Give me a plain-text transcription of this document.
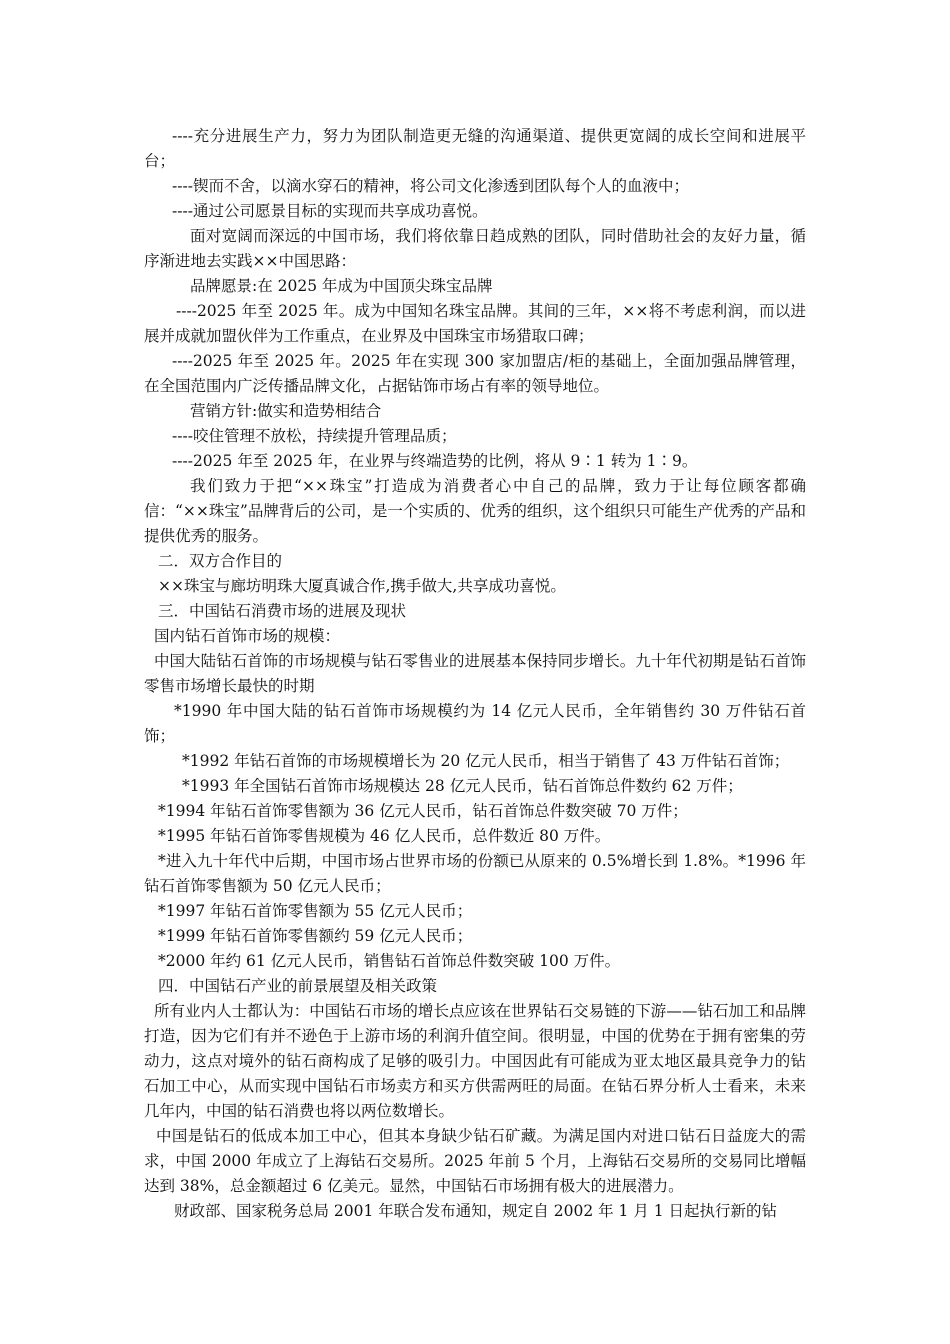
----充分进展生产力，努力为团队制造更无缝的沟通渠道、提供更宽阔的成长空间和进展平台；

----锲而不舍，以滴水穿石的精神，将公司文化渗透到团队每个人的血液中；

----通过公司愿景目标的实现而共享成功喜悦。

面对宽阔而深远的中国市场，我们将依靠日趋成熟的团队，同时借助社会的友好力量，循序渐进地去实践××中国思路：

品牌愿景:在 2025 年成为中国顶尖珠宝品牌

----2025 年至 2025 年。成为中国知名珠宝品牌。其间的三年，××将不考虑利润，而以进展并成就加盟伙伴为工作重点，在业界及中国珠宝市场猎取口碑；

----2025 年至 2025 年。2025 年在实现 300 家加盟店/柜的基础上，全面加强品牌管理，在全国范围内广泛传播品牌文化，占据钻饰市场占有率的领导地位。

营销方针:做实和造势相结合

----咬住管理不放松，持续提升管理品质；

----2025 年至 2025 年，在业界与终端造势的比例，将从 9∶1 转为 1∶9。

我们致力于把“××珠宝”打造成为消费者心中自己的品牌，致力于让每位顾客都确信：“××珠宝”品牌背后的公司，是一个实质的、优秀的组织，这个组织只可能生产优秀的产品和提供优秀的服务。

二．双方合作目的

××珠宝与廊坊明珠大厦真诚合作,携手做大,共享成功喜悦。

三．中国钻石消费市场的进展及现状

国内钻石首饰市场的规模：

中国大陆钻石首饰的市场规模与钻石零售业的进展基本保持同步增长。九十年代初期是钻石首饰零售市场增长最快的时期

*1990 年中国大陆的钻石首饰市场规模约为 14 亿元人民币，全年销售约 30 万件钻石首饰；

*1992 年钻石首饰的市场规模增长为 20 亿元人民币，相当于销售了 43 万件钻石首饰；

*1993 年全国钻石首饰市场规模达 28 亿元人民币，钻石首饰总件数约 62 万件；

*1994 年钻石首饰零售额为 36 亿元人民币，钻石首饰总件数突破 70 万件；

*1995 年钻石首饰零售规模为 46 亿人民币，总件数近 80 万件。

*进入九十年代中后期，中国市场占世界市场的份额已从原来的 0.5%增长到 1.8%。*1996 年钻石首饰零售额为 50 亿元人民币；

*1997 年钻石首饰零售额为 55 亿元人民币；

*1999 年钻石首饰零售额约 59 亿元人民币；

*2000 年约 61 亿元人民币，销售钻石首饰总件数突破 100 万件。

四．中国钻石产业的前景展望及相关政策

所有业内人士都认为：中国钻石市场的增长点应该在世界钻石交易链的下游——钻石加工和品牌打造，因为它们有并不逊色于上游市场的利润升值空间。很明显，中国的优势在于拥有密集的劳动力，这点对境外的钻石商构成了足够的吸引力。中国因此有可能成为亚太地区最具竞争力的钻石加工中心，从而实现中国钻石市场卖方和买方供需两旺的局面。在钻石界分析人士看来，未来几年内，中国的钻石消费也将以两位数增长。

中国是钻石的低成本加工中心，但其本身缺少钻石矿藏。为满足国内对进口钻石日益庞大的需求，中国 2000 年成立了上海钻石交易所。2025 年前 5 个月，上海钻石交易所的交易同比增幅达到 38%，总金额超过 6 亿美元。显然，中国钻石市场拥有极大的进展潜力。

财政部、国家税务总局 2001 年联合发布通知，规定自 2002 年 1 月 1 日起执行新的钻
